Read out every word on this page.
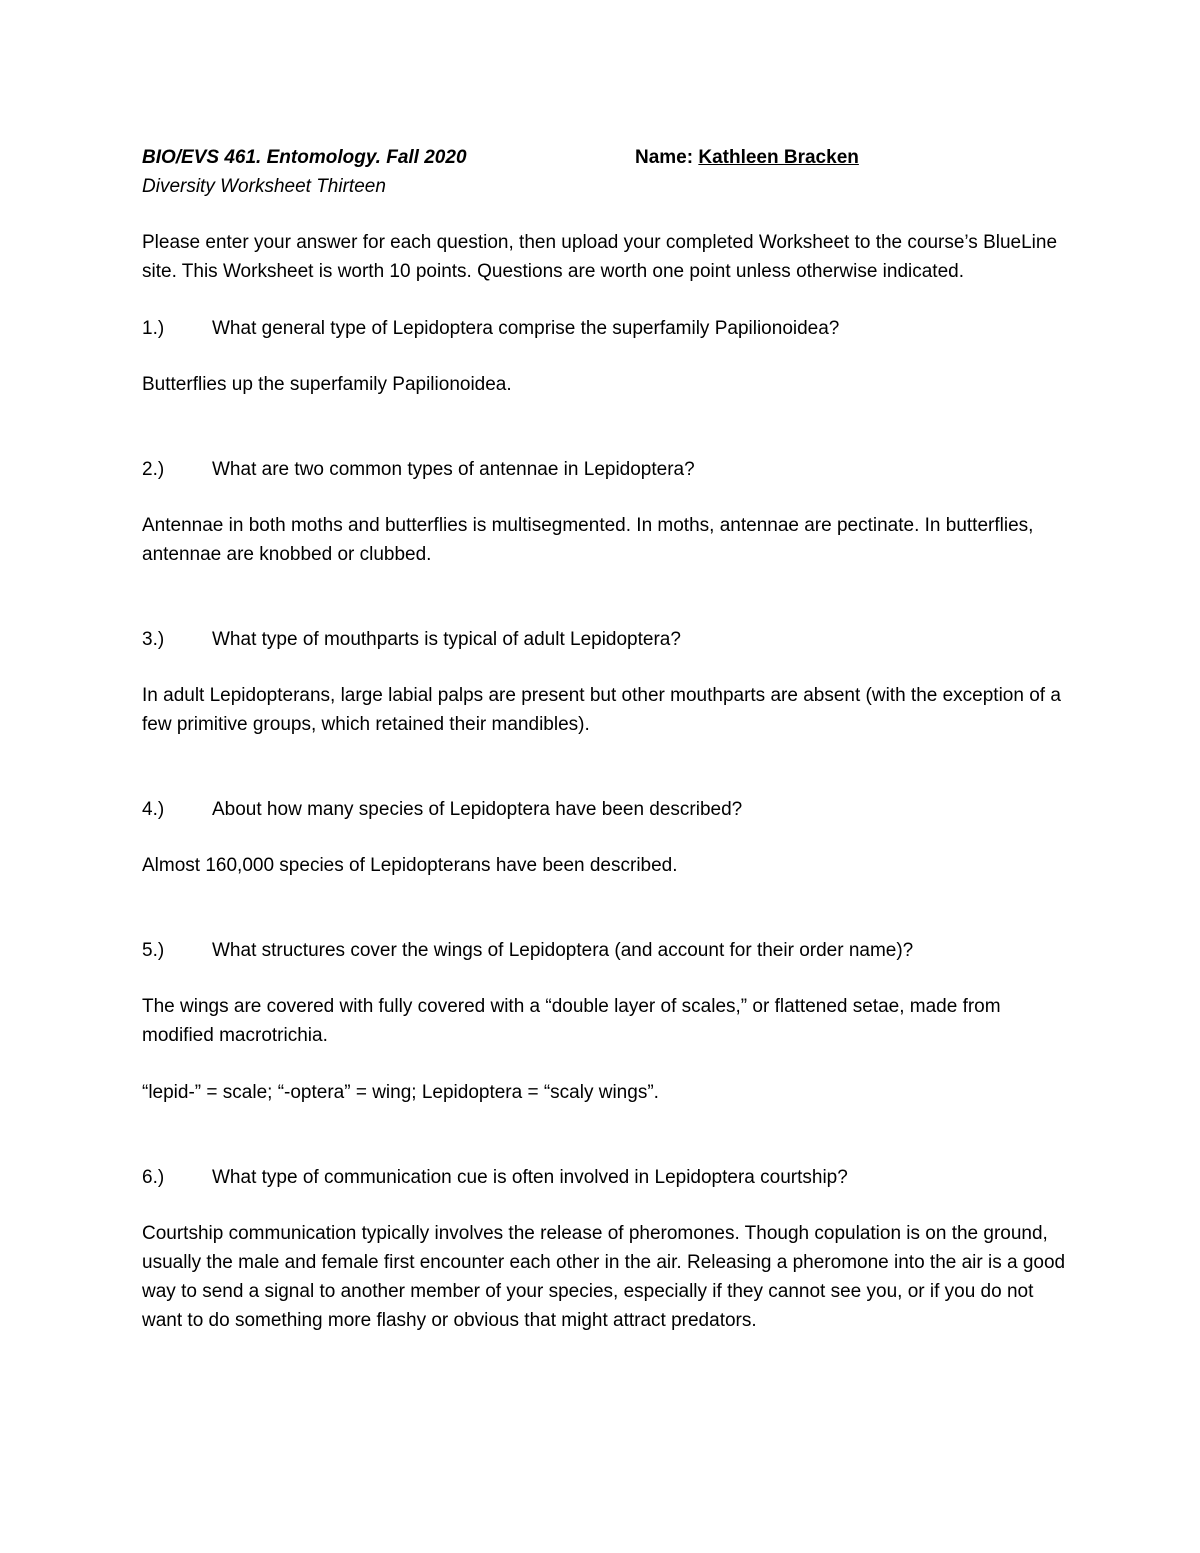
BIO/EVS 461. Entomology. Fall 2020	Name: Kathleen Bracken

Diversity Worksheet Thirteen

Please enter your answer for each question, then upload your completed Worksheet to the course’s BlueLine site. This Worksheet is worth 10 points. Questions are worth one point unless otherwise indicated.

1.)	What general type of Lepidoptera comprise the superfamily Papilionoidea?

Butterflies up the superfamily Papilionoidea.

2.)	What are two common types of antennae in Lepidoptera?

Antennae in both moths and butterflies is multisegmented. In moths, antennae are pectinate. In butterflies, antennae are knobbed or clubbed.

3.)	What type of mouthparts is typical of adult Lepidoptera?

In adult Lepidopterans, large labial palps are present but other mouthparts are absent (with the exception of a few primitive groups, which retained their mandibles).

4.)	About how many species of Lepidoptera have been described?

Almost 160,000 species of Lepidopterans have been described.

5.)	What structures cover the wings of Lepidoptera (and account for their order name)?

The wings are covered with fully covered with a “double layer of scales,” or flattened setae, made from modified macrotrichia.

“lepid-” = scale; “-optera” = wing; Lepidoptera = “scaly wings”.

6.)	What type of communication cue is often involved in Lepidoptera courtship?

Courtship communication typically involves the release of pheromones. Though copulation is on the ground, usually the male and female first encounter each other in the air. Releasing a pheromone into the air is a good way to send a signal to another member of your species, especially if they cannot see you, or if you do not want to do something more flashy or obvious that might attract predators.
